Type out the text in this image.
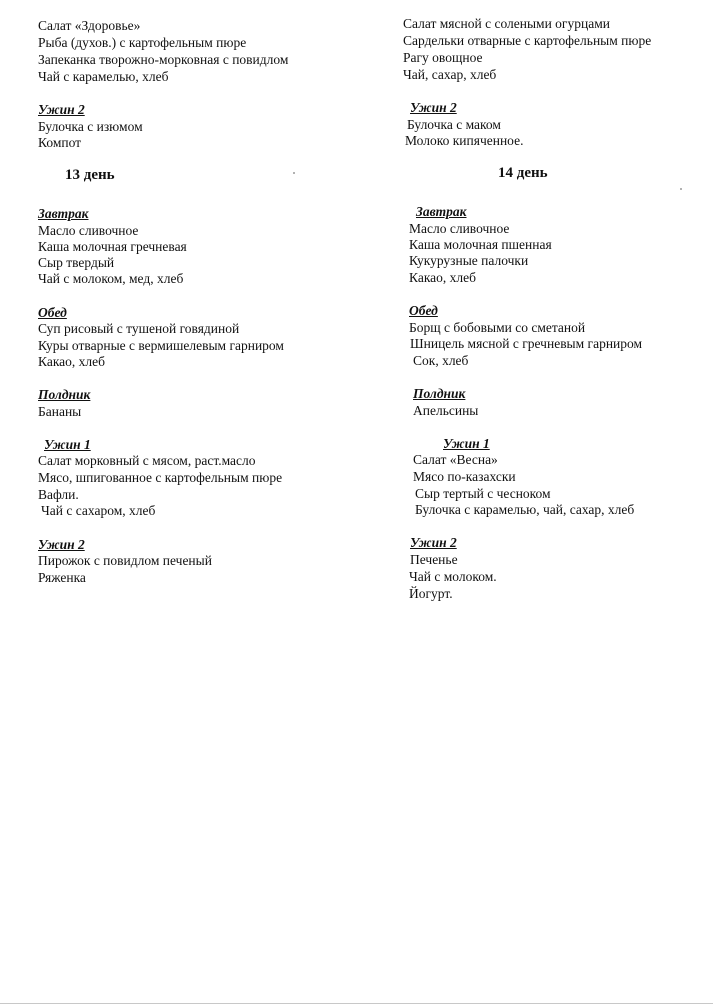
Салат «Здоровье»
Рыба (духов.) с картофельным пюре
Запеканка творожно-морковная с повидлом
Чай с карамелью, хлеб
Ужин 2
Булочка с изюмом
Компот
13 день
Завтрак
Масло сливочное
Каша молочная гречневая
Сыр твердый
Чай с молоком, мед, хлеб
Обед
Суп рисовый с тушеной говядиной
Куры отварные с вермишелевым гарниром
Какао, хлеб
Полдник
Бананы
Ужин 1
Салат морковный с мясом, раст.масло
Мясо, шпигованное с картофельным пюре
Вафли.
Чай с сахаром, хлеб
Ужин 2
Пирожок с повидлом печеный
Ряженка
Салат мясной с солеными огурцами
Сардельки отварные с картофельным пюре
Рагу овощное
Чай, сахар, хлеб
Ужин 2
Булочка с маком
Молоко кипяченное.
14 день
Завтрак
Масло сливочное
Каша молочная пшенная
Кукурузные палочки
Какао, хлеб
Обед
Борщ с бобовыми со сметаной
Шницель мясной с гречневым гарниром
Сок, хлеб
Полдник
Апельсины
Ужин 1
Салат «Весна»
Мясо по-казахски
Сыр тертый с чесноком
Булочка с карамелью, чай, сахар, хлеб
Ужин 2
Печенье
Чай с молоком.
Йогурт.
